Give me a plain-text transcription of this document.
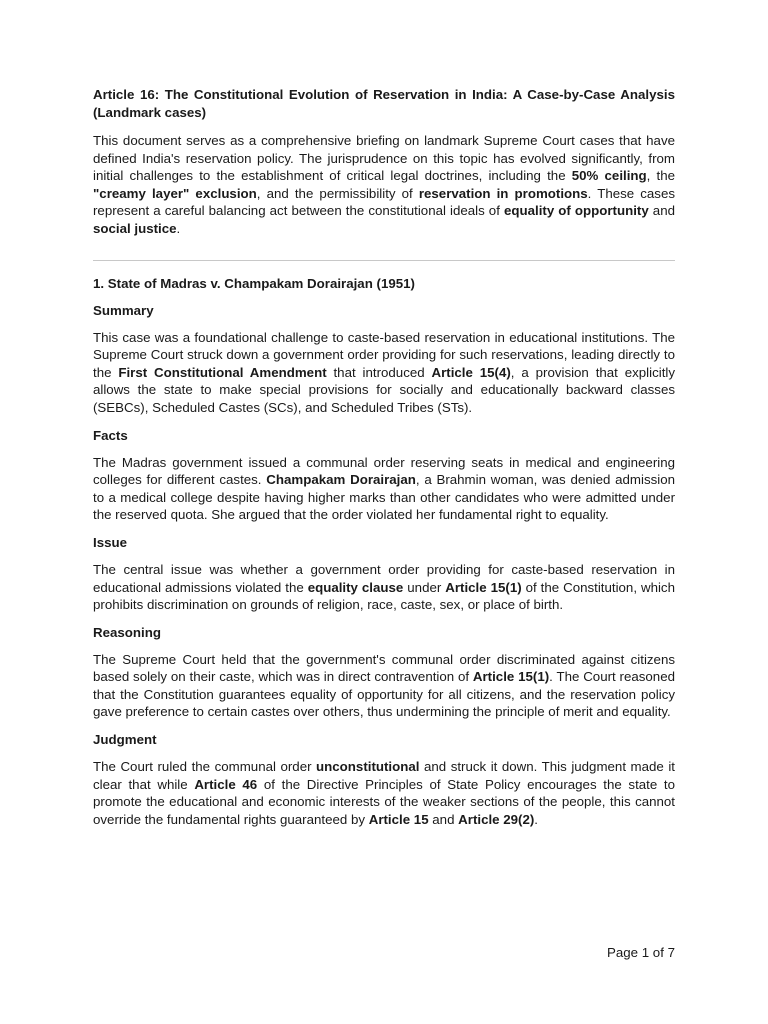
Article 16: The Constitutional Evolution of Reservation in India: A Case-by-Case Analysis (Landmark cases)

This document serves as a comprehensive briefing on landmark Supreme Court cases that have defined India's reservation policy. The jurisprudence on this topic has evolved significantly, from initial challenges to the establishment of critical legal doctrines, including the 50% ceiling, the "creamy layer" exclusion, and the permissibility of reservation in promotions. These cases represent a careful balancing act between the constitutional ideals of equality of opportunity and social justice.

1. State of Madras v. Champakam Dorairajan (1951)
Summary

This case was a foundational challenge to caste-based reservation in educational institutions. The Supreme Court struck down a government order providing for such reservations, leading directly to the First Constitutional Amendment that introduced Article 15(4), a provision that explicitly allows the state to make special provisions for socially and educationally backward classes (SEBCs), Scheduled Castes (SCs), and Scheduled Tribes (STs).

Facts

The Madras government issued a communal order reserving seats in medical and engineering colleges for different castes. Champakam Dorairajan, a Brahmin woman, was denied admission to a medical college despite having higher marks than other candidates who were admitted under the reserved quota. She argued that the order violated her fundamental right to equality.

Issue

The central issue was whether a government order providing for caste-based reservation in educational admissions violated the equality clause under Article 15(1) of the Constitution, which prohibits discrimination on grounds of religion, race, caste, sex, or place of birth.

Reasoning

The Supreme Court held that the government's communal order discriminated against citizens based solely on their caste, which was in direct contravention of Article 15(1). The Court reasoned that the Constitution guarantees equality of opportunity for all citizens, and the reservation policy gave preference to certain castes over others, thus undermining the principle of merit and equality.

Judgment

The Court ruled the communal order unconstitutional and struck it down. This judgment made it clear that while Article 46 of the Directive Principles of State Policy encourages the state to promote the educational and economic interests of the weaker sections of the people, this cannot override the fundamental rights guaranteed by Article 15 and Article 29(2).

Page 1 of 7
